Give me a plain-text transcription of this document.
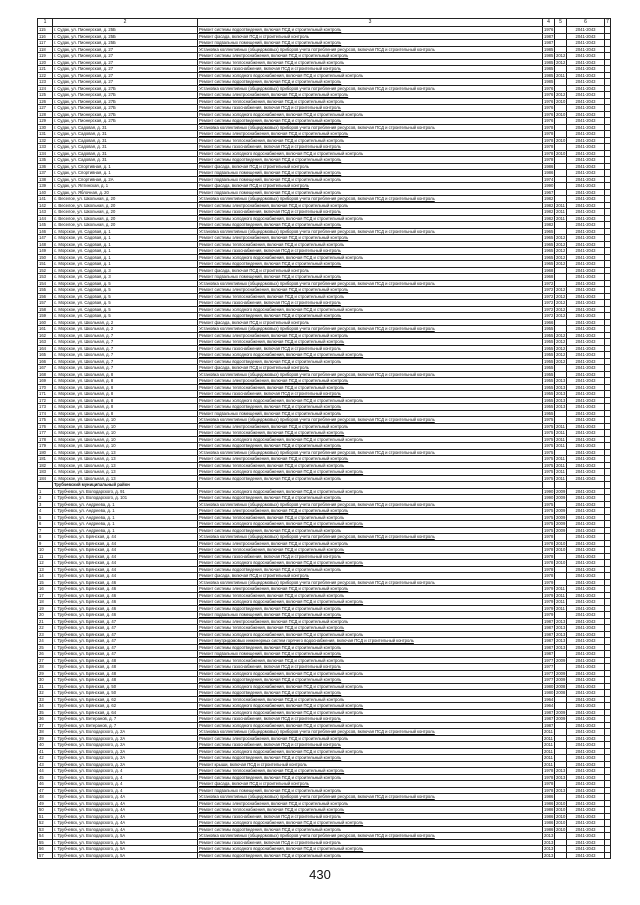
1	2	3	4	5	6	7
115	г. Судак, ул. Пионерская, д. 25Б	Ремонт системы водоотведения, включая ПСД и строительный контроль	1976		2041-2043	
116	г. Судак, ул. Пионерская, д. 25Б	Ремонт фасада, включая ПСД и строительный контроль	1987		2041-2043	
117	г. Судак, ул. Пионерская, д. 25Б	Ремонт подвальных помещений, включая ПСД и строительный контроль	1987		2041-2043	
118	г. Судак, ул. Пионерская, д. 27	Установка коллективных (общедомовых) приборов учета потребления ресурсов, включая ПСД и строительный контроль	1985		2041-2043	
119	г. Судак, ул. Пионерская, д. 27	Ремонт системы электроснабжения, включая ПСД и строительный контроль	1985	2012	2041-2043	
120	г. Судак, ул. Пионерская, д. 27	Ремонт системы теплоснабжения, включая ПСД и строительный контроль	1985	2012	2041-2043	
121	г. Судак, ул. Пионерская, д. 27	Ремонт системы газоснабжения, включая ПСД и строительный контроль	1985		2041-2043	
122	г. Судак, ул. Пионерская, д. 27	Ремонт системы холодного водоснабжения, включая ПСД и строительный контроль	1985	2011	2041-2043	
123	г. Судак, ул. Пионерская, д. 27	Ремонт системы водоотведения, включая ПСД и строительный контроль	1985		2041-2043	
124	г. Судак, ул. Пионерская, д. 27Б	Установка коллективных (общедомовых) приборов учета потребления ресурсов, включая ПСД и строительный контроль	1976		2041-2043	
125	г. Судак, ул. Пионерская, д. 27Б	Ремонт системы электроснабжения, включая ПСД и строительный контроль	1976	2012	2041-2043	
126	г. Судак, ул. Пионерская, д. 27Б	Ремонт системы теплоснабжения, включая ПСД и строительный контроль	1976	2010	2041-2043	
127	г. Судак, ул. Пионерская, д. 27Б	Ремонт системы газоснабжения, включая ПСД и строительный контроль	1976		2041-2043	
128	г. Судак, ул. Пионерская, д. 27Б	Ремонт системы холодного водоснабжения, включая ПСД и строительный контроль	1976	2010	2041-2043	
129	г. Судак, ул. Пионерская, д. 27Б	Ремонт системы водоотведения, включая ПСД и строительный контроль	1976		2041-2043	
130	г. Судак, ул. Садовая, д. 31	Установка коллективных (общедомовых) приборов учета потребления ресурсов, включая ПСД и строительный контроль	1978		2041-2043	
131	г. Судак, ул. Садовая, д. 31	Ремонт системы электроснабжения, включая ПСД и строительный контроль	1978		2041-2043	
132	г. Судак, ул. Садовая, д. 31	Ремонт системы теплоснабжения, включая ПСД и строительный контроль	1978	2010	2041-2043	
133	г. Судак, ул. Садовая, д. 31	Ремонт системы газоснабжения, включая ПСД и строительный контроль	1978		2041-2043	
134	г. Судак, ул. Садовая, д. 31	Ремонт системы холодного водоснабжения, включая ПСД и строительный контроль	1978	2010	2041-2043	
135	г. Судак, ул. Садовая, д. 31	Ремонт системы водоотведения, включая ПСД и строительный контроль	1978		2041-2043	
136	г. Судак, ул. Спортивная, д. 1	Ремонт фасада, включая ПСД и строительный контроль	1986		2041-2043	
137	г. Судак, ул. Спортивная, д. 1	Ремонт подвальных помещений, включая ПСД и строительный контроль	1986		2041-2043	
138	г. Судак, ул. Спортивная, д. 2А	Ремонт подвальных помещений, включая ПСД и строительный контроль	1974		2041-2043	
139	г. Судак, ул. Ялтинская, д. 1	Ремонт фасада, включая ПСД и строительный контроль	1990		2041-2043	
140	г. Судак, ул. Яблочная, д. 20	Ремонт подвальных помещений, включая ПСД и строительный контроль	1967		2041-2043	
141	с. Веселое, ул. Школьная, д. 20	Установка коллективных (общедомовых) приборов учета потребления ресурсов, включая ПСД и строительный контроль	1982		2041-2043	
142	с. Веселое, ул. Школьная, д. 20	Ремонт системы электроснабжения, включая ПСД и строительный контроль	1982	2011	2041-2043	
143	с. Веселое, ул. Школьная, д. 20	Ремонт системы газоснабжения, включая ПСД и строительный контроль	1982	2011	2041-2043	
144	с. Веселое, ул. Школьная, д. 20	Ремонт системы холодного водоснабжения, включая ПСД и строительный контроль	1982	2011	2041-2043	
145	с. Веселое, ул. Школьная, д. 20	Ремонт системы водоотведения, включая ПСД и строительный контроль	1982		2041-2043	
146	с. Морское, ул. Садовая, д. 1	Установка коллективных (общедомовых) приборов учета потребления ресурсов, включая ПСД и строительный контроль	1965		2041-2043	
147	с. Морское, ул. Садовая, д. 1	Ремонт системы электроснабжения, включая ПСД и строительный контроль	1965	2012	2041-2043	
148	с. Морское, ул. Садовая, д. 1	Ремонт системы теплоснабжения, включая ПСД и строительный контроль	1965	2012	2041-2043	
149	с. Морское, ул. Садовая, д. 1	Ремонт системы газоснабжения, включая ПСД и строительный контроль	1965	2012	2041-2043	
150	с. Морское, ул. Садовая, д. 1	Ремонт системы холодного водоснабжения, включая ПСД и строительный контроль	1965	2012	2041-2043	
151	с. Морское, ул. Садовая, д. 1	Ремонт системы водоотведения, включая ПСД и строительный контроль	1965	2012	2041-2043	
152	с. Морское, ул. Садовая, д. 3	Ремонт фасада, включая ПСД и строительный контроль	1968		2041-2043	
153	с. Морское, ул. Садовая, д. 3	Ремонт подвальных помещений, включая ПСД и строительный контроль	1968		2041-2043	
154	с. Морское, ул. Садовая, д. 5	Установка коллективных (общедомовых) приборов учета потребления ресурсов, включая ПСД и строительный контроль	1972		2041-2043	
155	с. Морское, ул. Садовая, д. 5	Ремонт системы электроснабжения, включая ПСД и строительный контроль	1972	2012	2041-2043	
156	с. Морское, ул. Садовая, д. 5	Ремонт системы теплоснабжения, включая ПСД и строительный контроль	1972	2012	2041-2043	
157	с. Морское, ул. Садовая, д. 5	Ремонт системы газоснабжения, включая ПСД и строительный контроль	1972	2012	2041-2043	
158	с. Морское, ул. Садовая, д. 5	Ремонт системы холодного водоснабжения, включая ПСД и строительный контроль	1972	2012	2041-2043	
159	с. Морское, ул. Садовая, д. 5	Ремонт системы водоотведения, включая ПСД и строительный контроль	1972	2012	2041-2043	
160	с. Морское, ул. Школьная, д. 2	Ремонт фасада, включая ПСД и строительный контроль	1966		2041-2043	
161	с. Морское, ул. Школьная, д. 2	Установка коллективных (общедомовых) приборов учета потребления ресурсов, включая ПСД и строительный контроль	1955		2041-2043	
162	с. Морское, ул. Школьная, д. 7	Ремонт системы электроснабжения, включая ПСД и строительный контроль	1955	2012	2041-2043	
163	с. Морское, ул. Школьная, д. 7	Ремонт системы теплоснабжения, включая ПСД и строительный контроль	1955	2012	2041-2043	
164	с. Морское, ул. Школьная, д. 7	Ремонт системы газоснабжения, включая ПСД и строительный контроль	1955	2012	2041-2043	
165	с. Морское, ул. Школьная, д. 7	Ремонт системы холодного водоснабжения, включая ПСД и строительный контроль	1955	2012	2041-2043	
166	с. Морское, ул. Школьная, д. 7	Ремонт системы водоотведения, включая ПСД и строительный контроль	1955	2012	2041-2043	
167	с. Морское, ул. Школьная, д. 7	Ремонт фасада, включая ПСД и строительный контроль	1955		2041-2043	
168	с. Морское, ул. Школьная, д. 8	Установка коллективных (общедомовых) приборов учета потребления ресурсов, включая ПСД и строительный контроль	1955		2041-2043	
169	с. Морское, ул. Школьная, д. 8	Ремонт системы электроснабжения, включая ПСД и строительный контроль	1955	2013	2041-2043	
170	с. Морское, ул. Школьная, д. 8	Ремонт системы теплоснабжения, включая ПСД и строительный контроль	1955	2013	2041-2043	
171	с. Морское, ул. Школьная, д. 8	Ремонт системы газоснабжения, включая ПСД и строительный контроль	1955	2013	2041-2043	
172	с. Морское, ул. Школьная, д. 8	Ремонт системы холодного водоснабжения, включая ПСД и строительный контроль	1955	2013	2041-2043	
173	с. Морское, ул. Школьная, д. 8	Ремонт системы водоотведения, включая ПСД и строительный контроль	1955	2013	2041-2043	
174	с. Морское, ул. Школьная, д. 8	Ремонт подвальных помещений, включая ПСД и строительный контроль	1955		2041-2043	
175	с. Морское, ул. Школьная, д. 10	Установка коллективных (общедомовых) приборов учета потребления ресурсов, включая ПСД и строительный контроль	1975		2041-2043	
176	с. Морское, ул. Школьная, д. 10	Ремонт системы электроснабжения, включая ПСД и строительный контроль	1975	2011	2041-2043	
177	с. Морское, ул. Школьная, д. 10	Ремонт системы теплоснабжения, включая ПСД и строительный контроль	1975	2011	2041-2043	
178	с. Морское, ул. Школьная, д. 10	Ремонт системы холодного водоснабжения, включая ПСД и строительный контроль	1975	2011	2041-2043	
179	с. Морское, ул. Школьная, д. 10	Ремонт системы водоотведения, включая ПСД и строительный контроль	1975	2011	2041-2043	
180	с. Морское, ул. Школьная, д. 13	Установка коллективных (общедомовых) приборов учета потребления ресурсов, включая ПСД и строительный контроль	1975		2041-2043	
181	с. Морское, ул. Школьная, д. 13	Ремонт системы электроснабжения, включая ПСД и строительный контроль	1975	2011	2041-2043	
182	с. Морское, ул. Школьная, д. 13	Ремонт системы теплоснабжения, включая ПСД и строительный контроль	1975	2011	2041-2043	
183	с. Морское, ул. Школьная, д. 13	Ремонт системы холодного водоснабжения, включая ПСД и строительный контроль	1975	2011	2041-2043	
184	с. Морское, ул. Школьная, д. 13	Ремонт системы водоотведения, включая ПСД и строительный контроль	1975	2011	2041-2043	
	Трубчевский муниципальный район					
1	г. Трубчевск, ул. Володарского, д. 91	Ремонт системы холодного водоснабжения, включая ПСД и строительный контроль	1990	2009	2041-2043	
2	г. Трубчевск, ул. Володарского, д. 101	Ремонт системы водоотведения, включая ПСД и строительный контроль	1990	2009	2041-2043	
3	г. Трубчевск, ул. Андреева, д. 1	Установка коллективных (общедомовых) приборов учета потребления ресурсов, включая ПСД и строительный контроль	1975		2041-2043	
4	г. Трубчевск, ул. Андреева, д. 1	Ремонт системы электроснабжения, включая ПСД и строительный контроль	1975	2009	2041-2043	
5	г. Трубчевск, ул. Андреева, д. 1	Ремонт системы теплоснабжения, включая ПСД и строительный контроль	1975	2009	2041-2043	
6	г. Трубчевск, ул. Андреева, д. 1	Ремонт системы холодного водоснабжения, включая ПСД и строительный контроль	1975	2009	2041-2043	
7	г. Трубчевск, ул. Андреева, д. 1	Ремонт системы водоотведения, включая ПСД и строительный контроль	1975	2009	2041-2043	
8	г. Трубчевск, ул. Брянская, д. 44	Установка коллективных (общедомовых) приборов учета потребления ресурсов, включая ПСД и строительный контроль	1978		2041-2043	
9	г. Трубчевск, ул. Брянская, д. 44	Ремонт системы электроснабжения, включая ПСД и строительный контроль	1978	2010	2041-2043	
10	г. Трубчевск, ул. Брянская, д. 44	Ремонт системы теплоснабжения, включая ПСД и строительный контроль	1978	2010	2041-2043	
11	г. Трубчевск, ул. Брянская, д. 44	Ремонт системы газоснабжения, включая ПСД и строительный контроль	1978		2041-2043	
12	г. Трубчевск, ул. Брянская, д. 44	Ремонт системы холодного водоснабжения, включая ПСД и строительный контроль	1978	2010	2041-2043	
13	г. Трубчевск, ул. Брянская, д. 44	Ремонт системы водоотведения, включая ПСД и строительный контроль	1978		2041-2043	
14	г. Трубчевск, ул. Брянская, д. 44	Ремонт фасада, включая ПСД и строительный контроль	1978		2041-2043	
15	г. Трубчевск, ул. Брянская, д. 46	Установка коллективных (общедомовых) приборов учета потребления ресурсов, включая ПСД и строительный контроль	1979		2041-2043	
16	г. Трубчевск, ул. Брянская, д. 46	Ремонт системы электроснабжения, включая ПСД и строительный контроль	1979	2011	2041-2043	
17	г. Трубчевск, ул. Брянская, д. 46	Ремонт системы теплоснабжения, включая ПСД и строительный контроль	1979	2011	2041-2043	
18	г. Трубчевск, ул. Брянская, д. 46	Ремонт системы холодного водоснабжения, включая ПСД и строительный контроль	1979	2011	2041-2043	
19	г. Трубчевск, ул. Брянская, д. 46	Ремонт системы водоотведения, включая ПСД и строительный контроль	1979	2011	2041-2043	
20	г. Трубчевск, ул. Брянская, д. 46	Ремонт подвальных помещений, включая ПСД и строительный контроль	1979		2041-2043	
21	г. Трубчевск, ул. Брянская, д. 47	Ремонт системы электроснабжения, включая ПСД и строительный контроль	1987	2013	2041-2043	
22	г. Трубчевск, ул. Брянская, д. 47	Ремонт системы теплоснабжения, включая ПСД и строительный контроль	1987	2013	2041-2043	
23	г. Трубчевск, ул. Брянская, д. 47	Ремонт системы холодного водоснабжения, включая ПСД и строительный контроль	1987	2013	2041-2043	
24	г. Трубчевск, ул. Брянская, д. 47	Ремонт внутридомовых инженерных систем горячего водоснабжения, включая ПСД и строительный контроль	1987	2013	2041-2043	
25	г. Трубчевск, ул. Брянская, д. 47	Ремонт системы водоотведения, включая ПСД и строительный контроль	1987	2013	2041-2043	
26	г. Трубчевск, ул. Брянская, д. 47	Ремонт подвальных помещений, включая ПСД и строительный контроль	1987		2041-2043	
27	г. Трубчевск, ул. Брянская, д. 48	Ремонт системы теплоснабжения, включая ПСД и строительный контроль	1977	2009	2041-2043	
28	г. Трубчевск, ул. Брянская, д. 48	Ремонт системы газоснабжения, включая ПСД и строительный контроль	1977		2041-2043	
29	г. Трубчевск, ул. Брянская, д. 48	Ремонт системы холодного водоснабжения, включая ПСД и строительный контроль	1977	2009	2041-2043	
30	г. Трубчевск, ул. Брянская, д. 48	Ремонт системы водоотведения, включая ПСД и строительный контроль	1977	2009	2041-2043	
31	г. Трубчевск, ул. Брянская, д. 50	Ремонт системы холодного водоснабжения, включая ПСД и строительный контроль	1980	2008	2041-2043	
32	г. Трубчевск, ул. Брянская, д. 50	Ремонт системы водоотведения, включая ПСД и строительный контроль	1980	2008	2041-2043	
33	г. Трубчевск, ул. Брянская, д. 62	Ремонт системы теплоснабжения, включая ПСД и строительный контроль	1964		2041-2043	
34	г. Трубчевск, ул. Брянская, д. 62	Ремонт системы холодного водоснабжения, включая ПСД и строительный контроль	1964		2041-2043	
35	г. Трубчевск, ул. Брянская, д. 64	Ремонт системы холодного водоснабжения, включая ПСД и строительный контроль	1987	2009	2041-2043	
36	г. Трубчевск, ул. Ветеранов, д. 7	Ремонт системы газоснабжения, включая ПСД и строительный контроль	1987	2009	2041-2043	
37	г. Трубчевск, ул. Ветеранов, д. 7	Ремонт системы холодного водоснабжения, включая ПСД и строительный контроль	1987		2041-2043	
38	г. Трубчевск, ул. Володарского, д. 2А	Установка коллективных (общедомовых) приборов учета потребления ресурсов, включая ПСД и строительный контроль	2011		2041-2043	
39	г. Трубчевск, ул. Володарского, д. 2А	Ремонт системы электроснабжения, включая ПСД и строительный контроль	2011		2041-2043	
40	г. Трубчевск, ул. Володарского, д. 2А	Ремонт системы газоснабжения, включая ПСД и строительный контроль	2011		2041-2043	
41	г. Трубчевск, ул. Володарского, д. 2А	Ремонт системы холодного водоснабжения, включая ПСД и строительный контроль	2011		2041-2043	
42	г. Трубчевск, ул. Володарского, д. 2А	Ремонт системы водоотведения, включая ПСД и строительный контроль	2011		2041-2043	
43	г. Трубчевск, ул. Володарского, д. 2А	Ремонт крыши, включая ПСД и строительный контроль	2011		2041-2043	
44	г. Трубчевск, ул. Володарского, д. 4	Ремонт системы теплоснабжения, включая ПСД и строительный контроль	1978	2013	2041-2043	
45	г. Трубчевск, ул. Володарского, д. 4	Ремонт системы водоотведения, включая ПСД и строительный контроль	1978	2013	2041-2043	
46	г. Трубчевск, ул. Володарского, д. 4	Ремонт фасада, включая ПСД и строительный контроль	1978		2041-2043	
47	г. Трубчевск, ул. Володарского, д. 4	Ремонт подвальных помещений, включая ПСД и строительный контроль	1978	2013	2041-2043	
48	г. Трубчевск, ул. Володарского, д. 4А	Установка коллективных (общедомовых) приборов учета потребления ресурсов, включая ПСД и строительный контроль	1986		2041-2043	
49	г. Трубчевск, ул. Володарского, д. 4А	Ремонт системы электроснабжения, включая ПСД и строительный контроль	1986	2010	2041-2043	
50	г. Трубчевск, ул. Володарского, д. 4А	Ремонт системы теплоснабжения, включая ПСД и строительный контроль	1986	2010	2041-2043	
51	г. Трубчевск, ул. Володарского, д. 4А	Ремонт системы газоснабжения, включая ПСД и строительный контроль	1986	2010	2041-2043	
52	г. Трубчевск, ул. Володарского, д. 4А	Ремонт системы холодного водоснабжения, включая ПСД и строительный контроль	1986	2010	2041-2043	
53	г. Трубчевск, ул. Володарского, д. 4А	Ремонт системы водоотведения, включая ПСД и строительный контроль	1986	2010	2041-2043	
54	г. Трубчевск, ул. Володарского, д. 5А	Установка коллективных (общедомовых) приборов учета потребления ресурсов, включая ПСД и строительный контроль	2013		2041-2043	
55	г. Трубчевск, ул. Володарского, д. 5А	Ремонт системы газоснабжения, включая ПСД и строительный контроль	2013		2041-2043	
56	г. Трубчевск, ул. Володарского, д. 5А	Ремонт системы холодного водоснабжения, включая ПСД и строительный контроль	2013		2041-2043	
57	г. Трубчевск, ул. Володарского, д. 5А	Ремонт системы водоотведения, включая ПСД и строительный контроль	2013		2041-2043	
430
